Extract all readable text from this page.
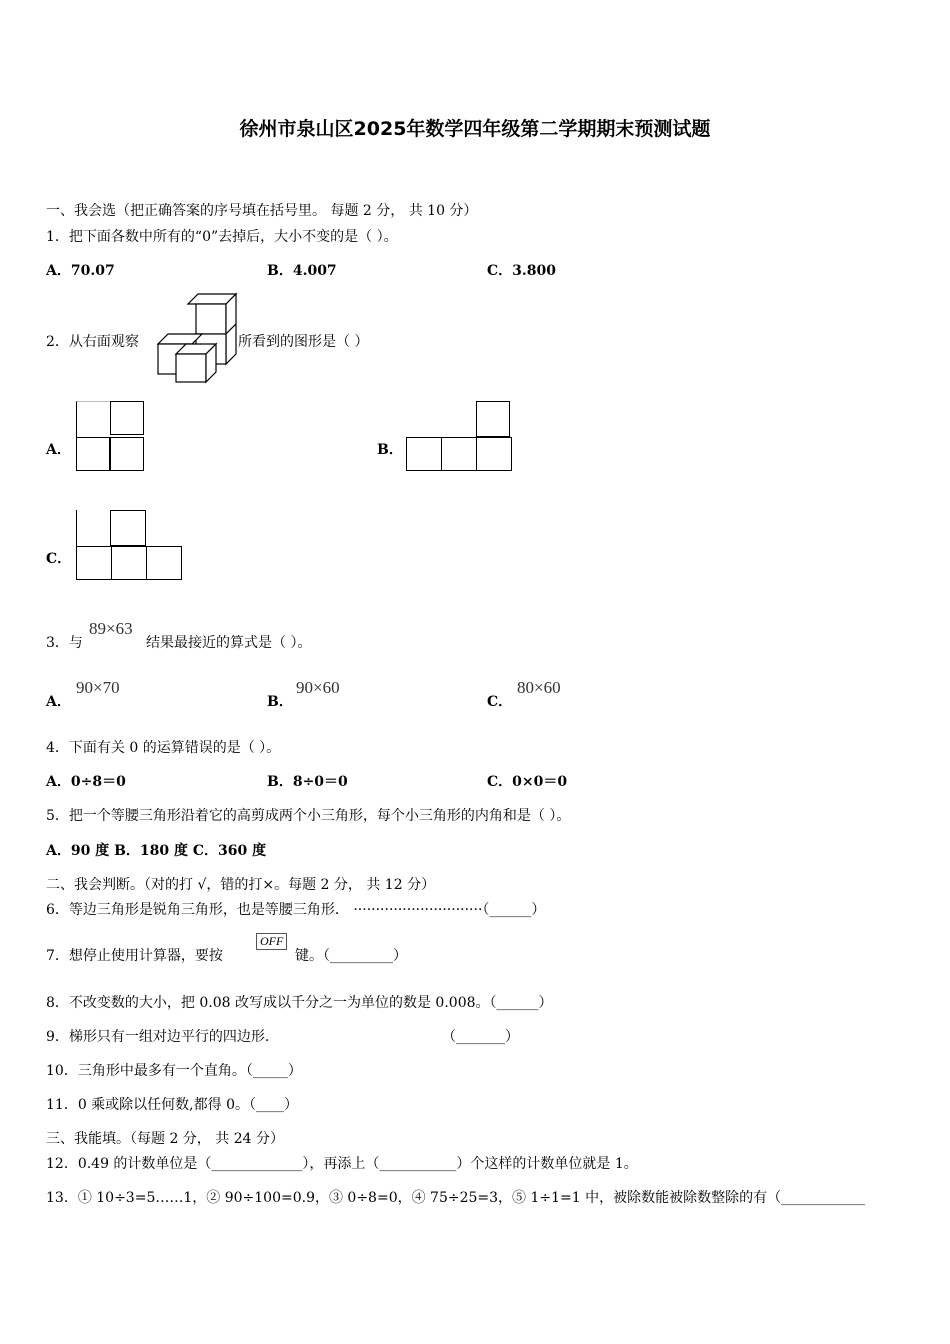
徐州市泉山区2025年数学四年级第二学期期末预测试题
一、我会选（把正确答案的序号填在括号里。 每题 2 分， 共 10 分）
1．把下面各数中所有的“0”去掉后，大小不变的是（ ）。
A．70.07	B．4.007	C．3.800
2．从右面观察	所看到的图形是（ ）
A．	B．
C．
3．与
89×63
结果最接近的算式是（ ）。
A．
90×70
B．
90×60
C．
80×60
4．下面有关 0 的运算错误的是（ ）。
A．0÷8＝0	B．8÷0＝0	C．0×0＝0
5．把一个等腰三角形沿着它的高剪成两个小三角形，每个小三角形的内角和是（ ）。
A．90 度 B．180 度 C．360 度
二、我会判断。（对的打 √，错的打×。每题 2 分， 共 12 分）
6．等边三角形是锐角三角形，也是等腰三角形． ·····························（______）
7．想停止使用计算器，要按
OFF
键。（_________）
8．不改变数的大小，把 0.08 改写成以千分之一为单位的数是 0.008。（______）
9．梯形只有一组对边平行的四边形.	（_______）
10．三角形中最多有一个直角。（_____）
11．0 乘或除以任何数,都得 0。（____）
三、我能填。（每题 2 分， 共 24 分）
12．0.49 的计数单位是（_____________），再添上（___________）个这样的计数单位就是 1。
13．① 10÷3=5……1，② 90÷100=0.9，③ 0÷8=0，④ 75÷25=3，⑤ 1÷1=1 中，被除数能被除数整除的有（____________
